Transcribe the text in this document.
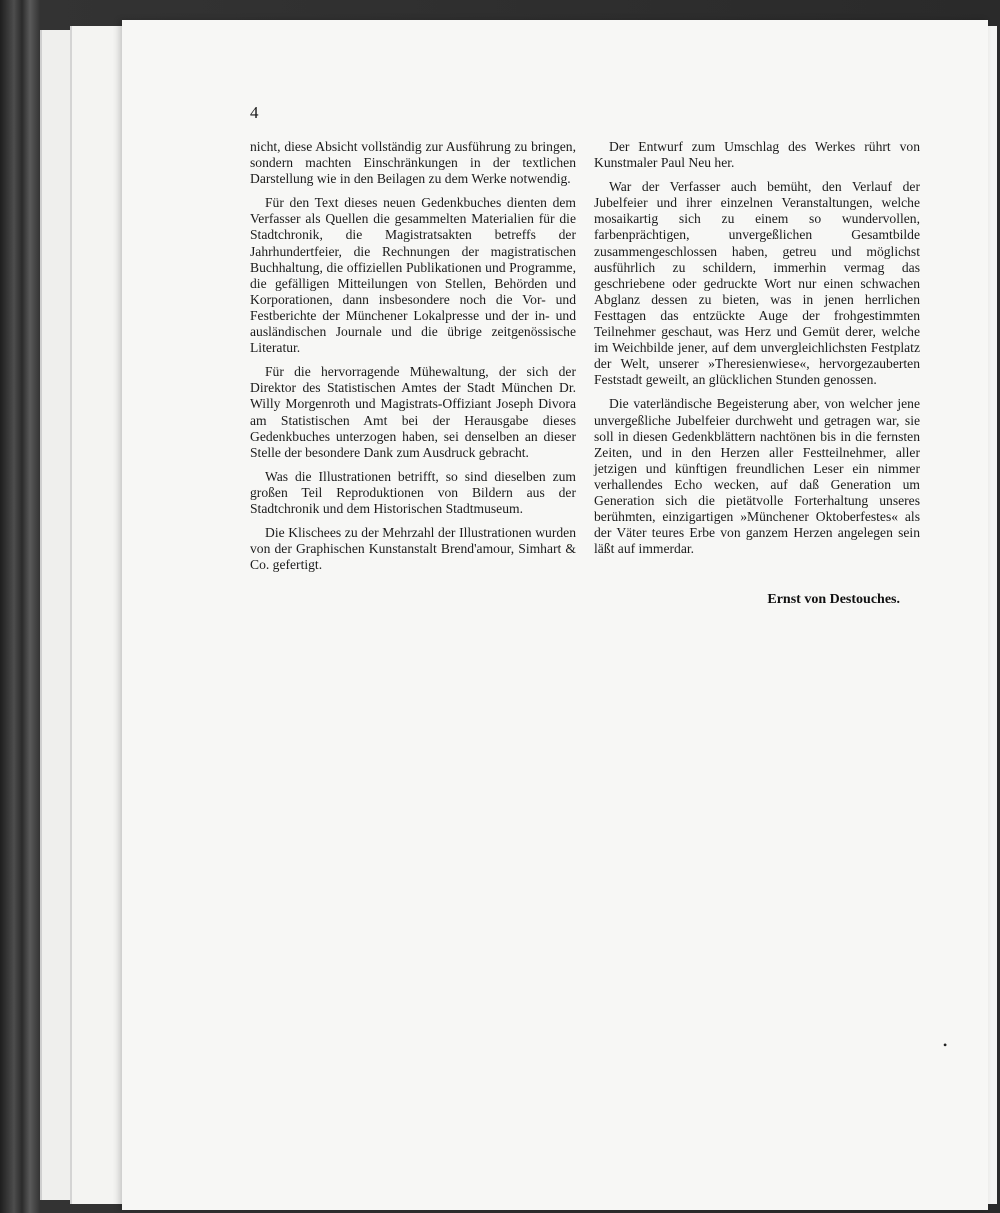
4

nicht, diese Absicht vollständig zur Ausführung zu bringen, sondern machten Einschränkungen in der textlichen Darstellung wie in den Beilagen zu dem Werke notwendig.

Für den Text dieses neuen Gedenkbuches dienten dem Verfasser als Quellen die gesammelten Materialien für die Stadtchronik, die Magistratsakten betreffs der Jahrhundertfeier, die Rechnungen der magistratischen Buchhaltung, die offiziellen Publikationen und Programme, die gefälligen Mitteilungen von Stellen, Behörden und Korporationen, dann insbesondere noch die Vor- und Festberichte der Münchener Lokalpresse und der in- und ausländischen Journale und die übrige zeitgenössische Literatur.

Für die hervorragende Mühewaltung, der sich der Direktor des Statistischen Amtes der Stadt München Dr. Willy Morgenroth und Magistrats-Offiziant Joseph Divora am Statistischen Amt bei der Herausgabe dieses Gedenkbuches unterzogen haben, sei denselben an dieser Stelle der besondere Dank zum Ausdruck gebracht.

Was die Illustrationen betrifft, so sind dieselben zum großen Teil Reproduktionen von Bildern aus der Stadtchronik und dem Historischen Stadtmuseum.

Die Klischees zu der Mehrzahl der Illustrationen wurden von der Graphischen Kunstanstalt Brend'amour, Simhart & Co. gefertigt.

Der Entwurf zum Umschlag des Werkes rührt von Kunstmaler Paul Neu her.

War der Verfasser auch bemüht, den Verlauf der Jubelfeier und ihrer einzelnen Veranstaltungen, welche mosaikartig sich zu einem so wundervollen, farbenprächtigen, unvergeßlichen Gesamtbilde zusammengeschlossen haben, getreu und möglichst ausführlich zu schildern, immerhin vermag das geschriebene oder gedruckte Wort nur einen schwachen Abglanz dessen zu bieten, was in jenen herrlichen Festtagen das entzückte Auge der frohgestimmten Teilnehmer geschaut, was Herz und Gemüt derer, welche im Weichbilde jener, auf dem unvergleichlichsten Festplatz der Welt, unserer »Theresienwiese«, hervorgezauberten Feststadt geweilt, an glücklichen Stunden genossen.

Die vaterländische Begeisterung aber, von welcher jene unvergeßliche Jubelfeier durchweht und getragen war, sie soll in diesen Gedenkblättern nachtönen bis in die fernsten Zeiten, und in den Herzen aller Festteilnehmer, aller jetzigen und künftigen freundlichen Leser ein nimmer verhallendes Echo wecken, auf daß Generation um Generation sich die pietätvolle Forterhaltung unseres berühmten, einzigartigen »Münchener Oktoberfestes« als der Väter teures Erbe von ganzem Herzen angelegen sein läßt auf immerdar.

Ernst von Destouches.
•
